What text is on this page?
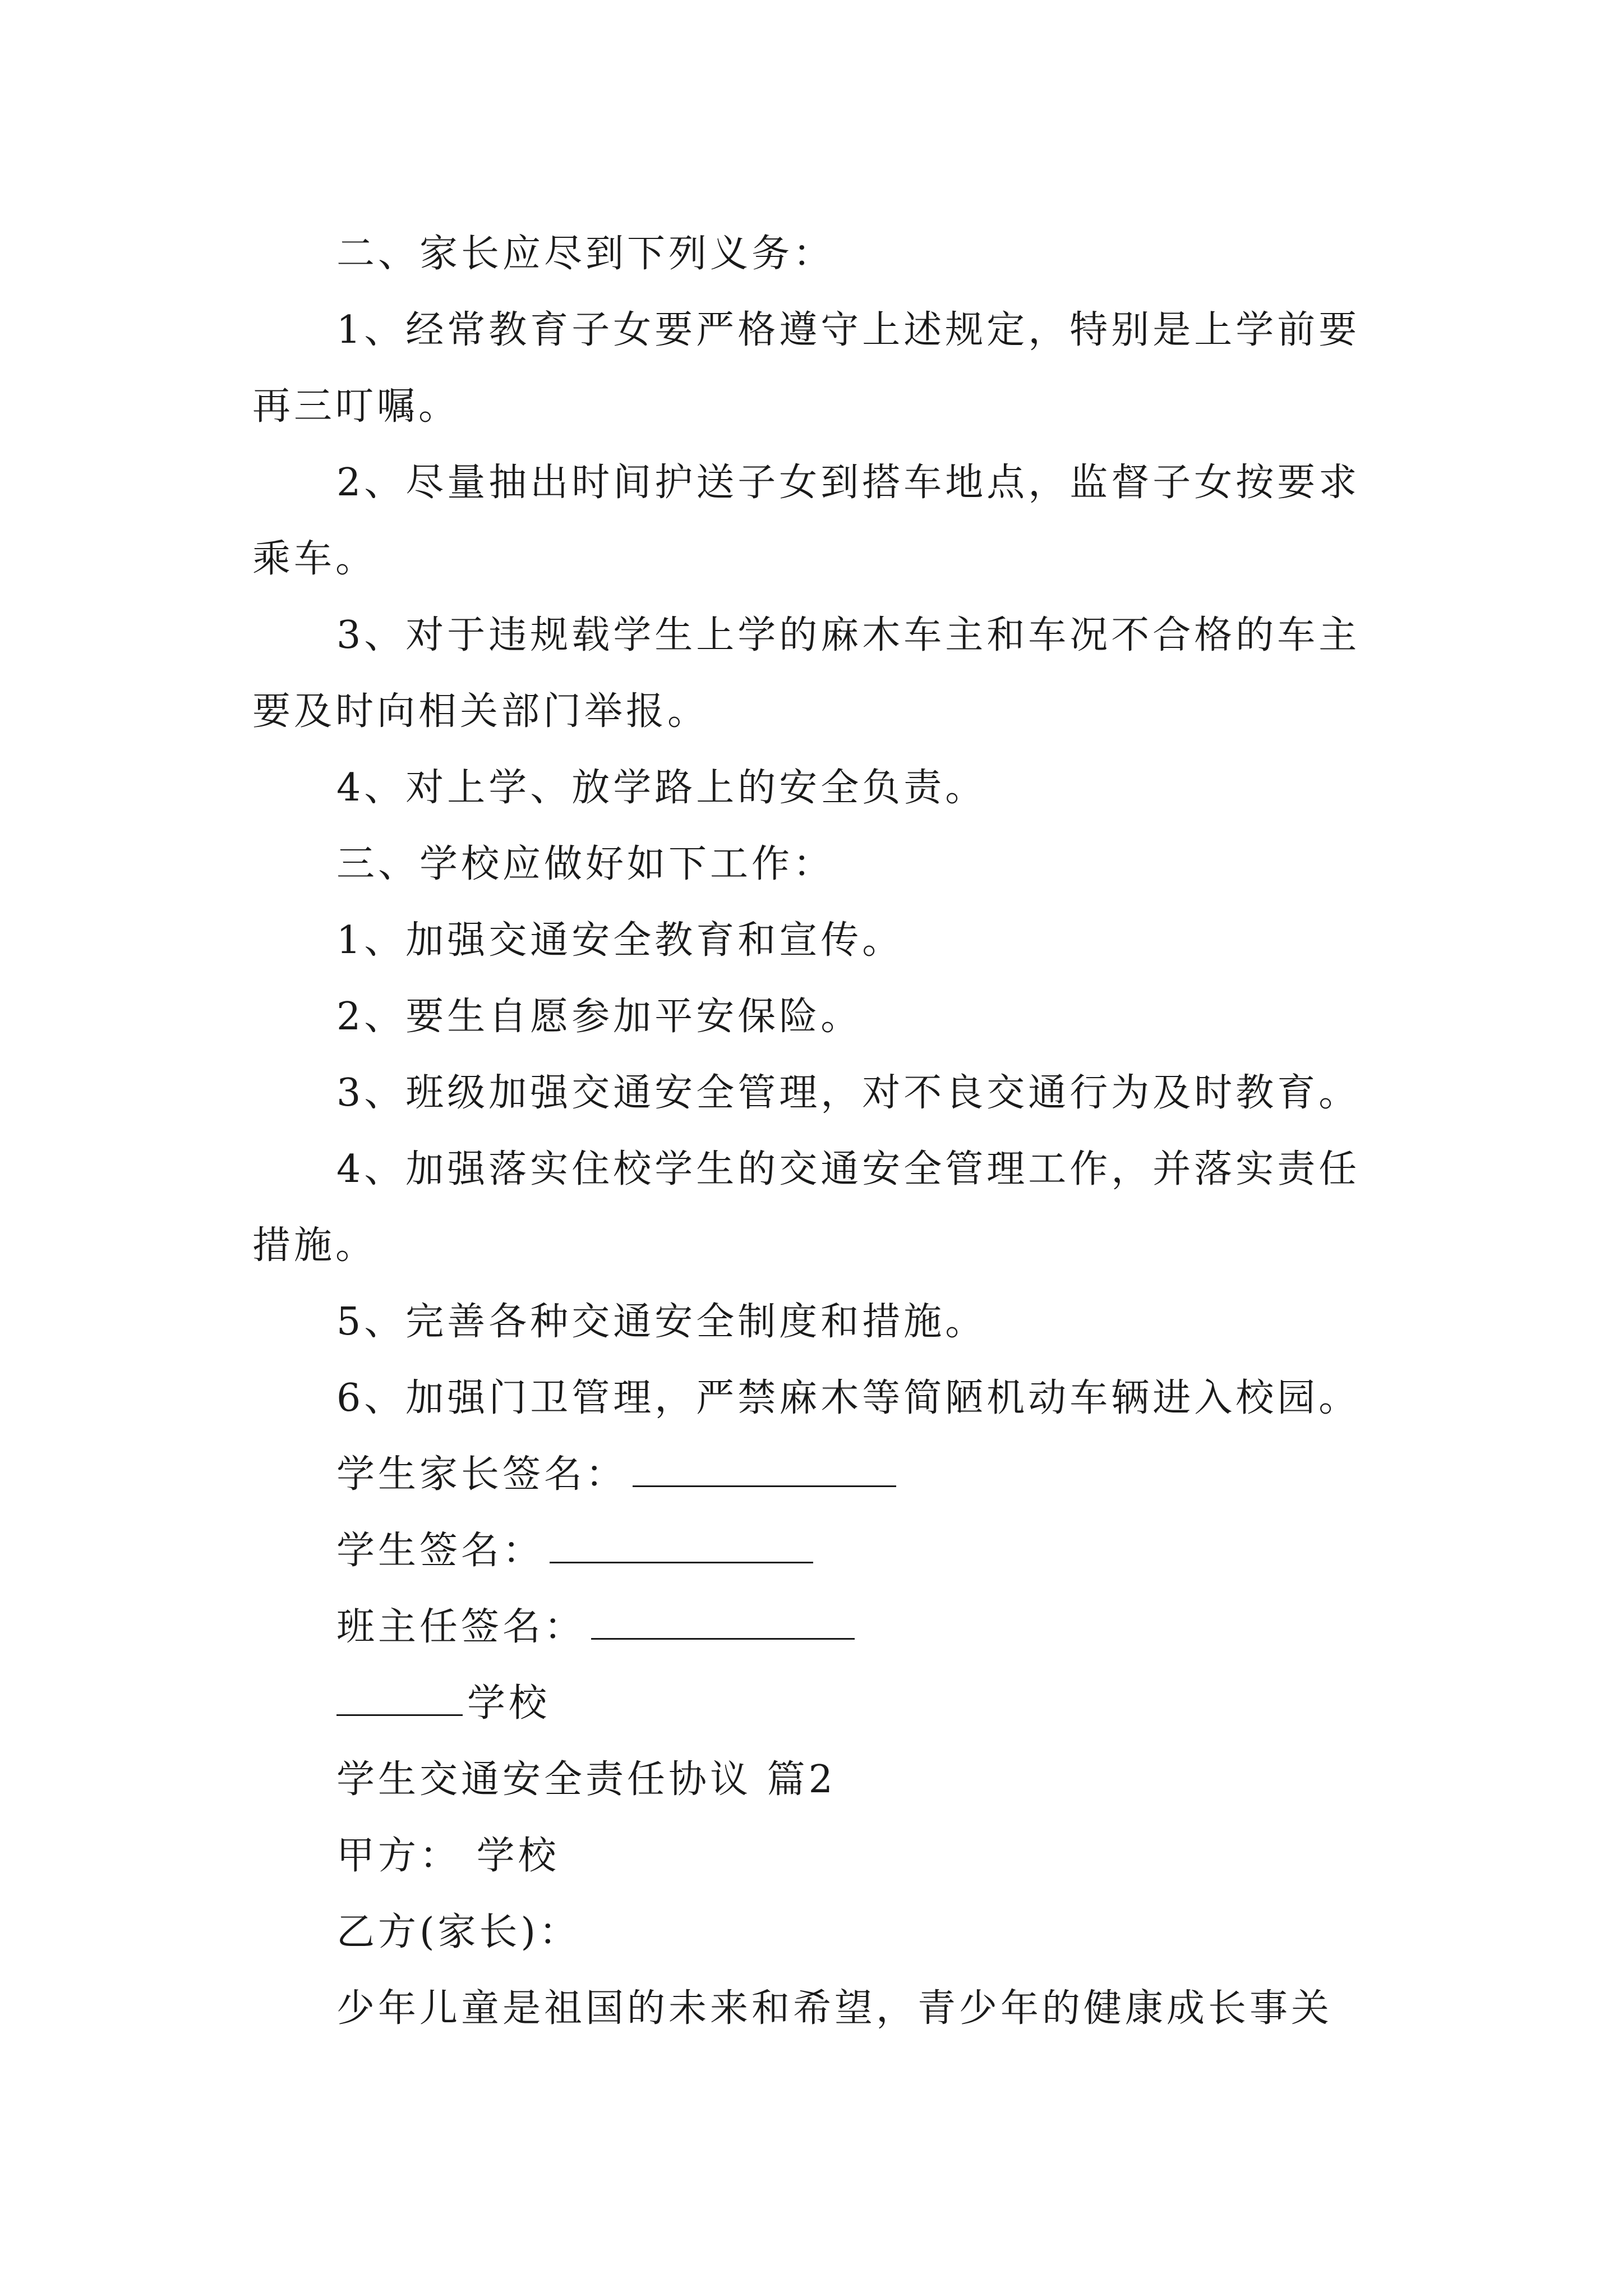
二、家长应尽到下列义务：

1、经常教育子女要严格遵守上述规定，特别是上学前要再三叮嘱。

2、尽量抽出时间护送子女到搭车地点，监督子女按要求乘车。

3、对于违规载学生上学的麻木车主和车况不合格的车主要及时向相关部门举报。

4、对上学、放学路上的安全负责。

三、学校应做好如下工作：

1、加强交通安全教育和宣传。

2、要生自愿参加平安保险。

3、班级加强交通安全管理，对不良交通行为及时教育。

4、加强落实住校学生的交通安全管理工作，并落实责任措施。

5、完善各种交通安全制度和措施。

6、加强门卫管理，严禁麻木等简陋机动车辆进入校园。

学生家长签名：

学生签名：

班主任签名：

学校

学生交通安全责任协议 篇2

甲方： 学校

乙方(家长)：

少年儿童是祖国的未来和希望，青少年的健康成长事关
